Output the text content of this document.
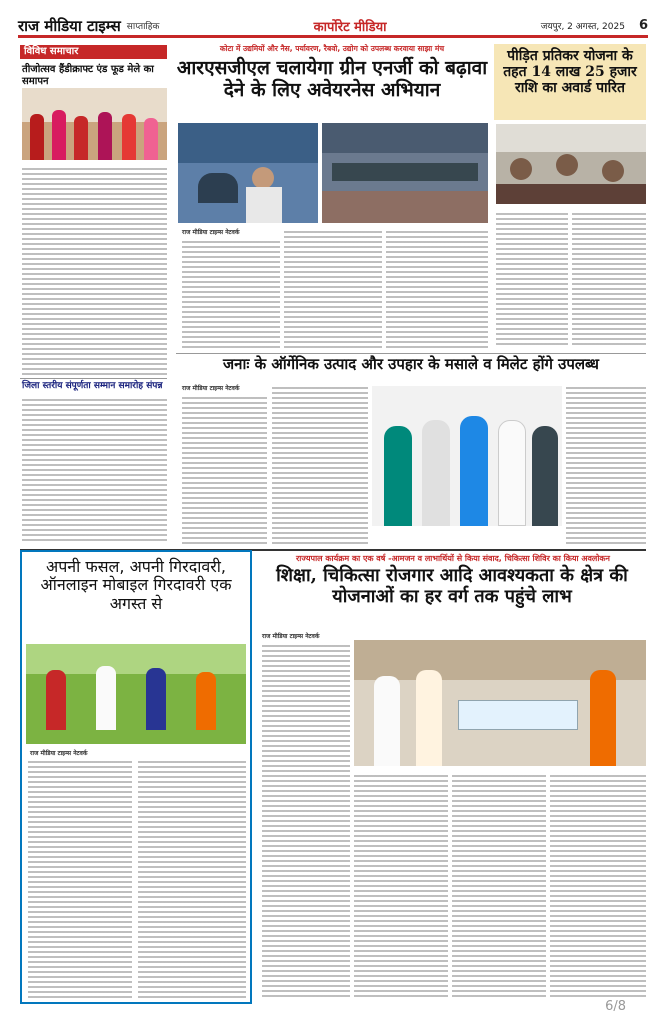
राज मीडिया टाइम्स साप्ताहिक	कार्पोरेट मीडिया	जयपुर, 2 अगस्त, 2025 6
विविध समाचार
तीजोत्सव हैंडीक्राफ्ट एंड फूड मेले का समापन
जिला स्तरीय संपूर्णता सम्मान समारोह संपन्न
कोटा में उद्यमियों और नैस, पर्यावरण, रैबवो, उद्योग को उपलब्ध करवाया साझा मंच
आरएसजीएल चलायेगा ग्रीन एनर्जी को बढ़ावा देने के लिए अवेयरनेस अभियान
राज मीडिया टाइम्स नेटवर्क
पीड़ित प्रतिकर योजना के तहत 14 लाख 25 हजार राशि का अवार्ड पारित
जनाः के ऑर्गेनिक उत्पाद और उपहार के मसाले व मिलेट होंगे उपलब्ध
राज मीडिया टाइम्स नेटवर्क
राज्यपाल कार्यक्रम का एक वर्ष -आमजन व लाभार्थियों से किया संवाद, चिकित्सा शिविर का किया अवलोकन
अपनी फसल, अपनी गिरदावरी, ऑनलाइन मोबाइल गिरदावरी एक अगस्त से
राज मीडिया टाइम्स नेटवर्क
शिक्षा, चिकित्सा रोजगार आदि आवश्यकता के क्षेत्र की योजनाओं का हर वर्ग तक पहुंचे लाभ
राज मीडिया टाइम्स नेटवर्क
6/8
